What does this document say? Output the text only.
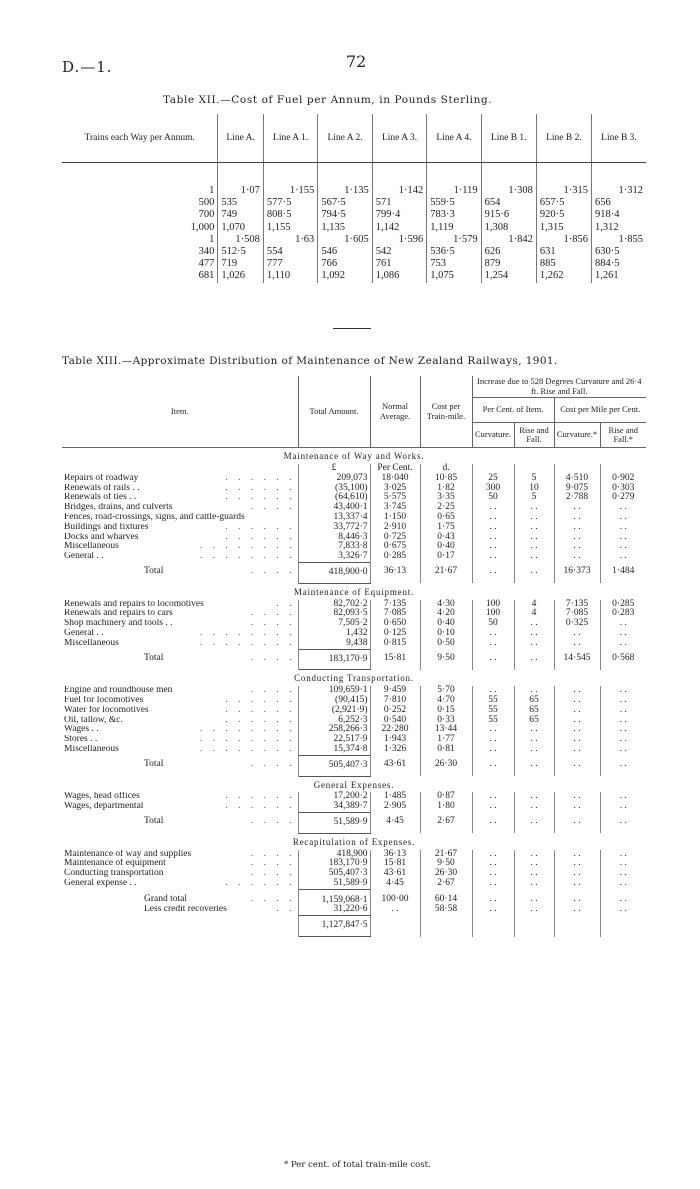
D.—1.	72
Table XII.—Cost of Fuel per Annum, in Pounds Sterling.
Trains each Way per Annum.	Line A.	Line A 1.	Line A 2.	Line A 3.	Line A 4.	Line B 1.	Line B 2.	Line B 3.
1	1·07	1·155	1·135	1·142	1·119	1·308	1·315	1·312
500	535	577·5	567·5	571	559·5	654	657·5	656
700	749	808·5	794·5	799·4	783·3	915·6	920·5	918·4
1,000	1,070	1,155	1,135	1,142	1,119	1,308	1,315	1,312
1	1·508	1·63	1·605	1·596	1·579	1·842	1·856	1·855
340	512·5	554	546	542	536·5	626	631	630·5
477	719	777	766	761	753	879	885	884·5
681	1,026	1,110	1,092	1,086	1,075	1,254	1,262	1,261
Table XIII.—Approximate Distribution of Maintenance of New Zealand Railways, 1901.
Item.	Total Amount.	Normal Average.	Cost per Train-mile.	Increase due to 528 Degrees Curvature and 26·4 ft. Rise and Fall.			
				Per Cent. of Item.		Cost per Mile per Cent.	
				Curvature.	Rise and Fall.	Curvature.*	Rise and Fall.*
Maintenance of Way and Works.							
	£	Per Cent.	d.				
Repairs of roadway . . . . . .	209,073	18·040	10·85	25	5	4·510	0·902
Renewals of rails . . . . . . . .	(35,100)	3·025	1·82	300	10	9·075	0·303
Renewals of ties . . . . . . . .	(64,610)	5·575	3·35	50	5	2·788	0·279
Bridges, drains, and culverts . . . .	43,400·1	3·745	2·25	. .	. .	. .	. .
Fences, road-crossings, signs, and cattle-guards	13,337·4	1·150	0·65	. .	. .	. .	. .
Buildings and fixtures . . . . . .	33,772·7	2·910	1·75	. .	. .	. .	. .
Docks and wharves . . . . . .	8,446·3	0·725	0·43	. .	. .	. .	. .
Miscellaneous . . . . . . . .	7,833·8	0·675	0·40	. .	. .	. .	. .
General . . . . . . . . . .	3,326·7	0·285	0·17	. .	. .	. .	. .
Total . . . .	418,900·0	36·13	21·67	. .	. .	16·373	1·484
Maintenance of Equipment.							
Renewals and repairs to locomotives . .	82,702·2	7·135	4·30	100	4	7·135	0·285
Renewals and repairs to cars . . . .	82,093·5	7·085	4·20	100	4	7·085	0·283
Shop machinery and tools . . . . . .	7,505·2	0·650	0·40	50	. .	0·325	. .
General . . . . . . . . . .	1,432	0·125	0·10	. .	. .	. .	. .
Miscellaneous . . . . . . . .	9,438	0·815	0·50	. .	. .	. .	. .
Total . . . .	183,170·9	15·81	9·50	. .	. .	14·545	0·568
Conducting Transportation.							
Engine and roundhouse men . . . .	109,659·1	9·459	5·70	. .	. .	. .	. .
Fuel for locomotives . . . . . .	(90,415)	7·810	4·70	55	65	. .	. .
Water for locomotives . . . . . .	(2,921·9)	0·252	0·15	55	65	. .	. .
Oil, tallow, &c. . . . . . .	6,252·3	0·540	0·33	55	65	. .	. .
Wages . . . . . . . . . .	258,266·3	22·280	13·44	. .	. .	. .	. .
Stores . . . . . . . . . .	22,517·9	1·943	1·77	. .	. .	. .	. .
Miscellaneous . . . . . . . .	15,374·8	1·326	0·81	. .	. .	. .	. .
Total . . . .	505,407·3	43·61	26·30	. .	. .	. .	. .
General Expenses.							
Wages, head offices . . . . . .	17,200·2	1·485	0·87	. .	. .	. .	. .
Wages, departmental . . . . . .	34,389·7	2·905	1·80	. .	. .	. .	. .
Total . . . .	51,589·9	4·45	2·67	. .	. .	. .	. .
Recapitulation of Expenses.							
Maintenance of way and supplies . . . .	418,900	36·13	21·67	. .	. .	. .	. .
Maintenance of equipment . . . .	183,170·9	15·81	9·50	. .	. .	. .	. .
Conducting transportation . . . .	505,407·3	43·61	26·30	. .	. .	. .	. .
General expense . . . . . . . .	51,589·9	4·45	2·67	. .	. .	. .	. .
Grand total . . . .	1,159,068·1	100·00	60·14	. .	. .	. .	. .
Less credit recoveries . .	31,220·6	. .	58·58	. .	. .	. .	. .
	1,127,847·5						
* Per cent. of total train-mile cost.
